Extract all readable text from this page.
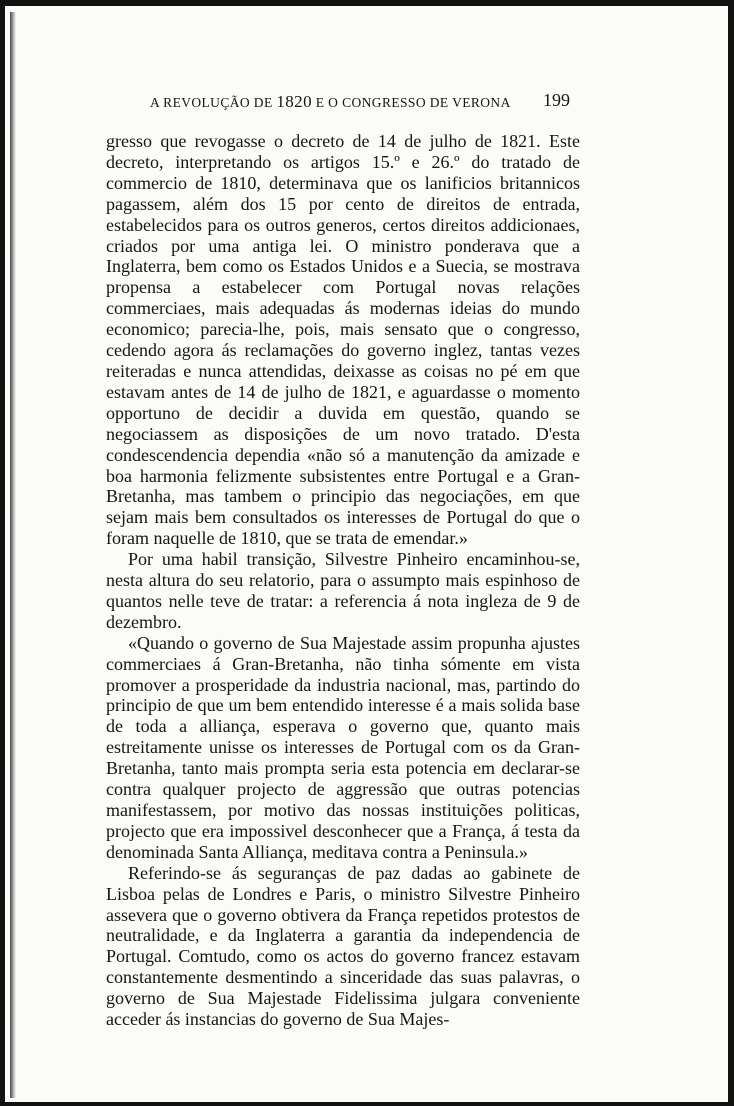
A REVOLUÇÃO DE 1820 E O CONGRESSO DE VERONA 199

gresso que revogasse o decreto de 14 de julho de 1821. Este decreto, interpretando os artigos 15.º e 26.º do tratado de commercio de 1810, determinava que os lanificios britannicos pagassem, além dos 15 por cento de direitos de entrada, estabelecidos para os outros generos, certos direitos addicionaes, criados por uma antiga lei. O ministro ponderava que a Inglaterra, bem como os Estados Unidos e a Suecia, se mostrava propensa a estabelecer com Portugal novas relações commerciaes, mais adequadas ás modernas ideias do mundo economico; parecia-lhe, pois, mais sensato que o congresso, cedendo agora ás reclamações do governo inglez, tantas vezes reiteradas e nunca attendidas, deixasse as coisas no pé em que estavam antes de 14 de julho de 1821, e aguardasse o momento opportuno de decidir a duvida em questão, quando se negociassem as disposições de um novo tratado. D'esta condescendencia dependia «não só a manutenção da amizade e boa harmonia felizmente subsistentes entre Portugal e a Gran-Bretanha, mas tambem o principio das negociações, em que sejam mais bem consultados os interesses de Portugal do que o foram naquelle de 1810, que se trata de emendar.»

Por uma habil transição, Silvestre Pinheiro encaminhou-se, nesta altura do seu relatorio, para o assumpto mais espinhoso de quantos nelle teve de tratar: a referencia á nota ingleza de 9 de dezembro.

«Quando o governo de Sua Majestade assim propunha ajustes commerciaes á Gran-Bretanha, não tinha sómente em vista promover a prosperidade da industria nacional, mas, partindo do principio de que um bem entendido interesse é a mais solida base de toda a alliança, esperava o governo que, quanto mais estreitamente unisse os interesses de Portugal com os da Gran-Bretanha, tanto mais prompta seria esta potencia em declarar-se contra qualquer projecto de aggressão que outras potencias manifestassem, por motivo das nossas instituições politicas, projecto que era impossivel desconhecer que a França, á testa da denominada Santa Alliança, meditava contra a Peninsula.»

Referindo-se ás seguranças de paz dadas ao gabinete de Lisboa pelas de Londres e Paris, o ministro Silvestre Pinheiro assevera que o governo obtivera da França repetidos protestos de neutralidade, e da Inglaterra a garantia da independencia de Portugal. Comtudo, como os actos do governo francez estavam constantemente desmentindo a sinceridade das suas palavras, o governo de Sua Majestade Fidelissima julgara conveniente acceder ás instancias do governo de Sua Majes-
